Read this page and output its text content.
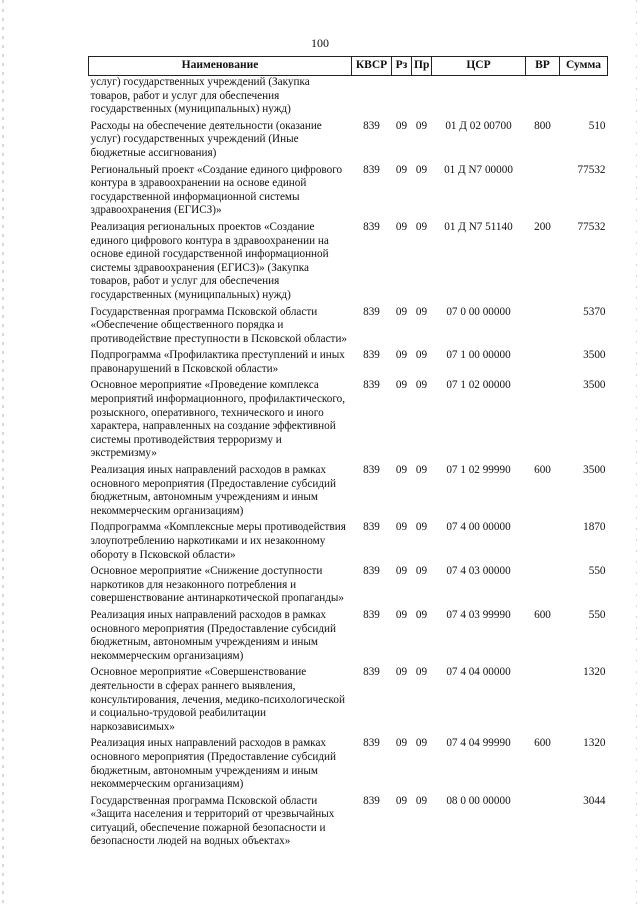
100
Наименование	КВСР	Рз	Пр	ЦСР	ВР	Сумма
услуг) государственных учреждений (Закупка товаров, работ и услуг для обеспечения государственных (муниципальных) нужд)						
Расходы на обеспечение деятельности (оказание услуг) государственных учреждений (Иные бюджетные ассигнования)	839	09	09	01 Д 02 00700	800	510
Региональный проект «Создание единого цифрового контура в здравоохранении на основе единой государственной информационной системы здравоохранения (ЕГИСЗ)»	839	09	09	01 Д N7 00000		77532
Реализация региональных проектов «Создание единого цифрового контура в здравоохранении на основе единой государственной информационной системы здравоохранения (ЕГИСЗ)» (Закупка товаров, работ и услуг для обеспечения государственных (муниципальных) нужд)	839	09	09	01 Д N7 51140	200	77532
Государственная программа Псковской области «Обеспечение общественного порядка и противодействие преступности в Псковской области»	839	09	09	07 0 00 00000		5370
Подпрограмма «Профилактика преступлений и иных правонарушений в Псковской области»	839	09	09	07 1 00 00000		3500
Основное мероприятие «Проведение комплекса мероприятий информационного, профилактического, розыскного, оперативного, технического и иного характера, направленных на создание эффективной системы противодействия терроризму и экстремизму»	839	09	09	07 1 02 00000		3500
Реализация иных направлений расходов в рамках основного мероприятия (Предоставление субсидий бюджетным, автономным учреждениям и иным некоммерческим организациям)	839	09	09	07 1 02 99990	600	3500
Подпрограмма «Комплексные меры противодействия злоупотреблению наркотиками и их незаконному обороту в Псковской области»	839	09	09	07 4 00 00000		1870
Основное мероприятие «Снижение доступности наркотиков для незаконного потребления и совершенствование антинаркотической пропаганды»	839	09	09	07 4 03 00000		550
Реализация иных направлений расходов в рамках основного мероприятия (Предоставление субсидий бюджетным, автономным учреждениям и иным некоммерческим организациям)	839	09	09	07 4 03 99990	600	550
Основное мероприятие «Совершенствование деятельности в сферах раннего выявления, консультирования, лечения, медико-психологической и социально-трудовой реабилитации наркозависимых»	839	09	09	07 4 04 00000		1320
Реализация иных направлений расходов в рамках основного мероприятия (Предоставление субсидий бюджетным, автономным учреждениям и иным некоммерческим организациям)	839	09	09	07 4 04 99990	600	1320
Государственная программа Псковской области «Защита населения и территорий от чрезвычайных ситуаций, обеспечение пожарной безопасности и безопасности людей на водных объектах»	839	09	09	08 0 00 00000		3044
